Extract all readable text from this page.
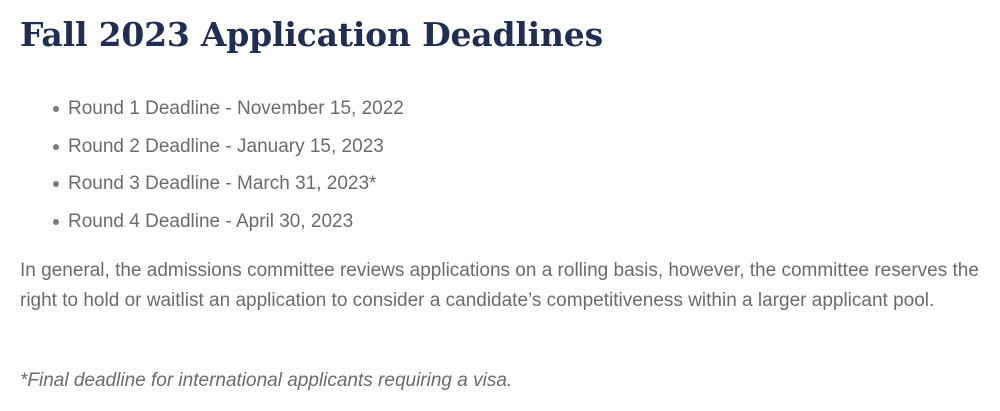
Fall 2023 Application Deadlines
Round 1 Deadline - November 15, 2022
Round 2 Deadline - January 15, 2023
Round 3 Deadline - March 31, 2023*
Round 4 Deadline - April 30, 2023

In general, the admissions committee reviews applications on a rolling basis, however, the committee reserves the right to hold or waitlist an application to consider a candidate’s competitiveness within a larger applicant pool.

*Final deadline for international applicants requiring a visa.
